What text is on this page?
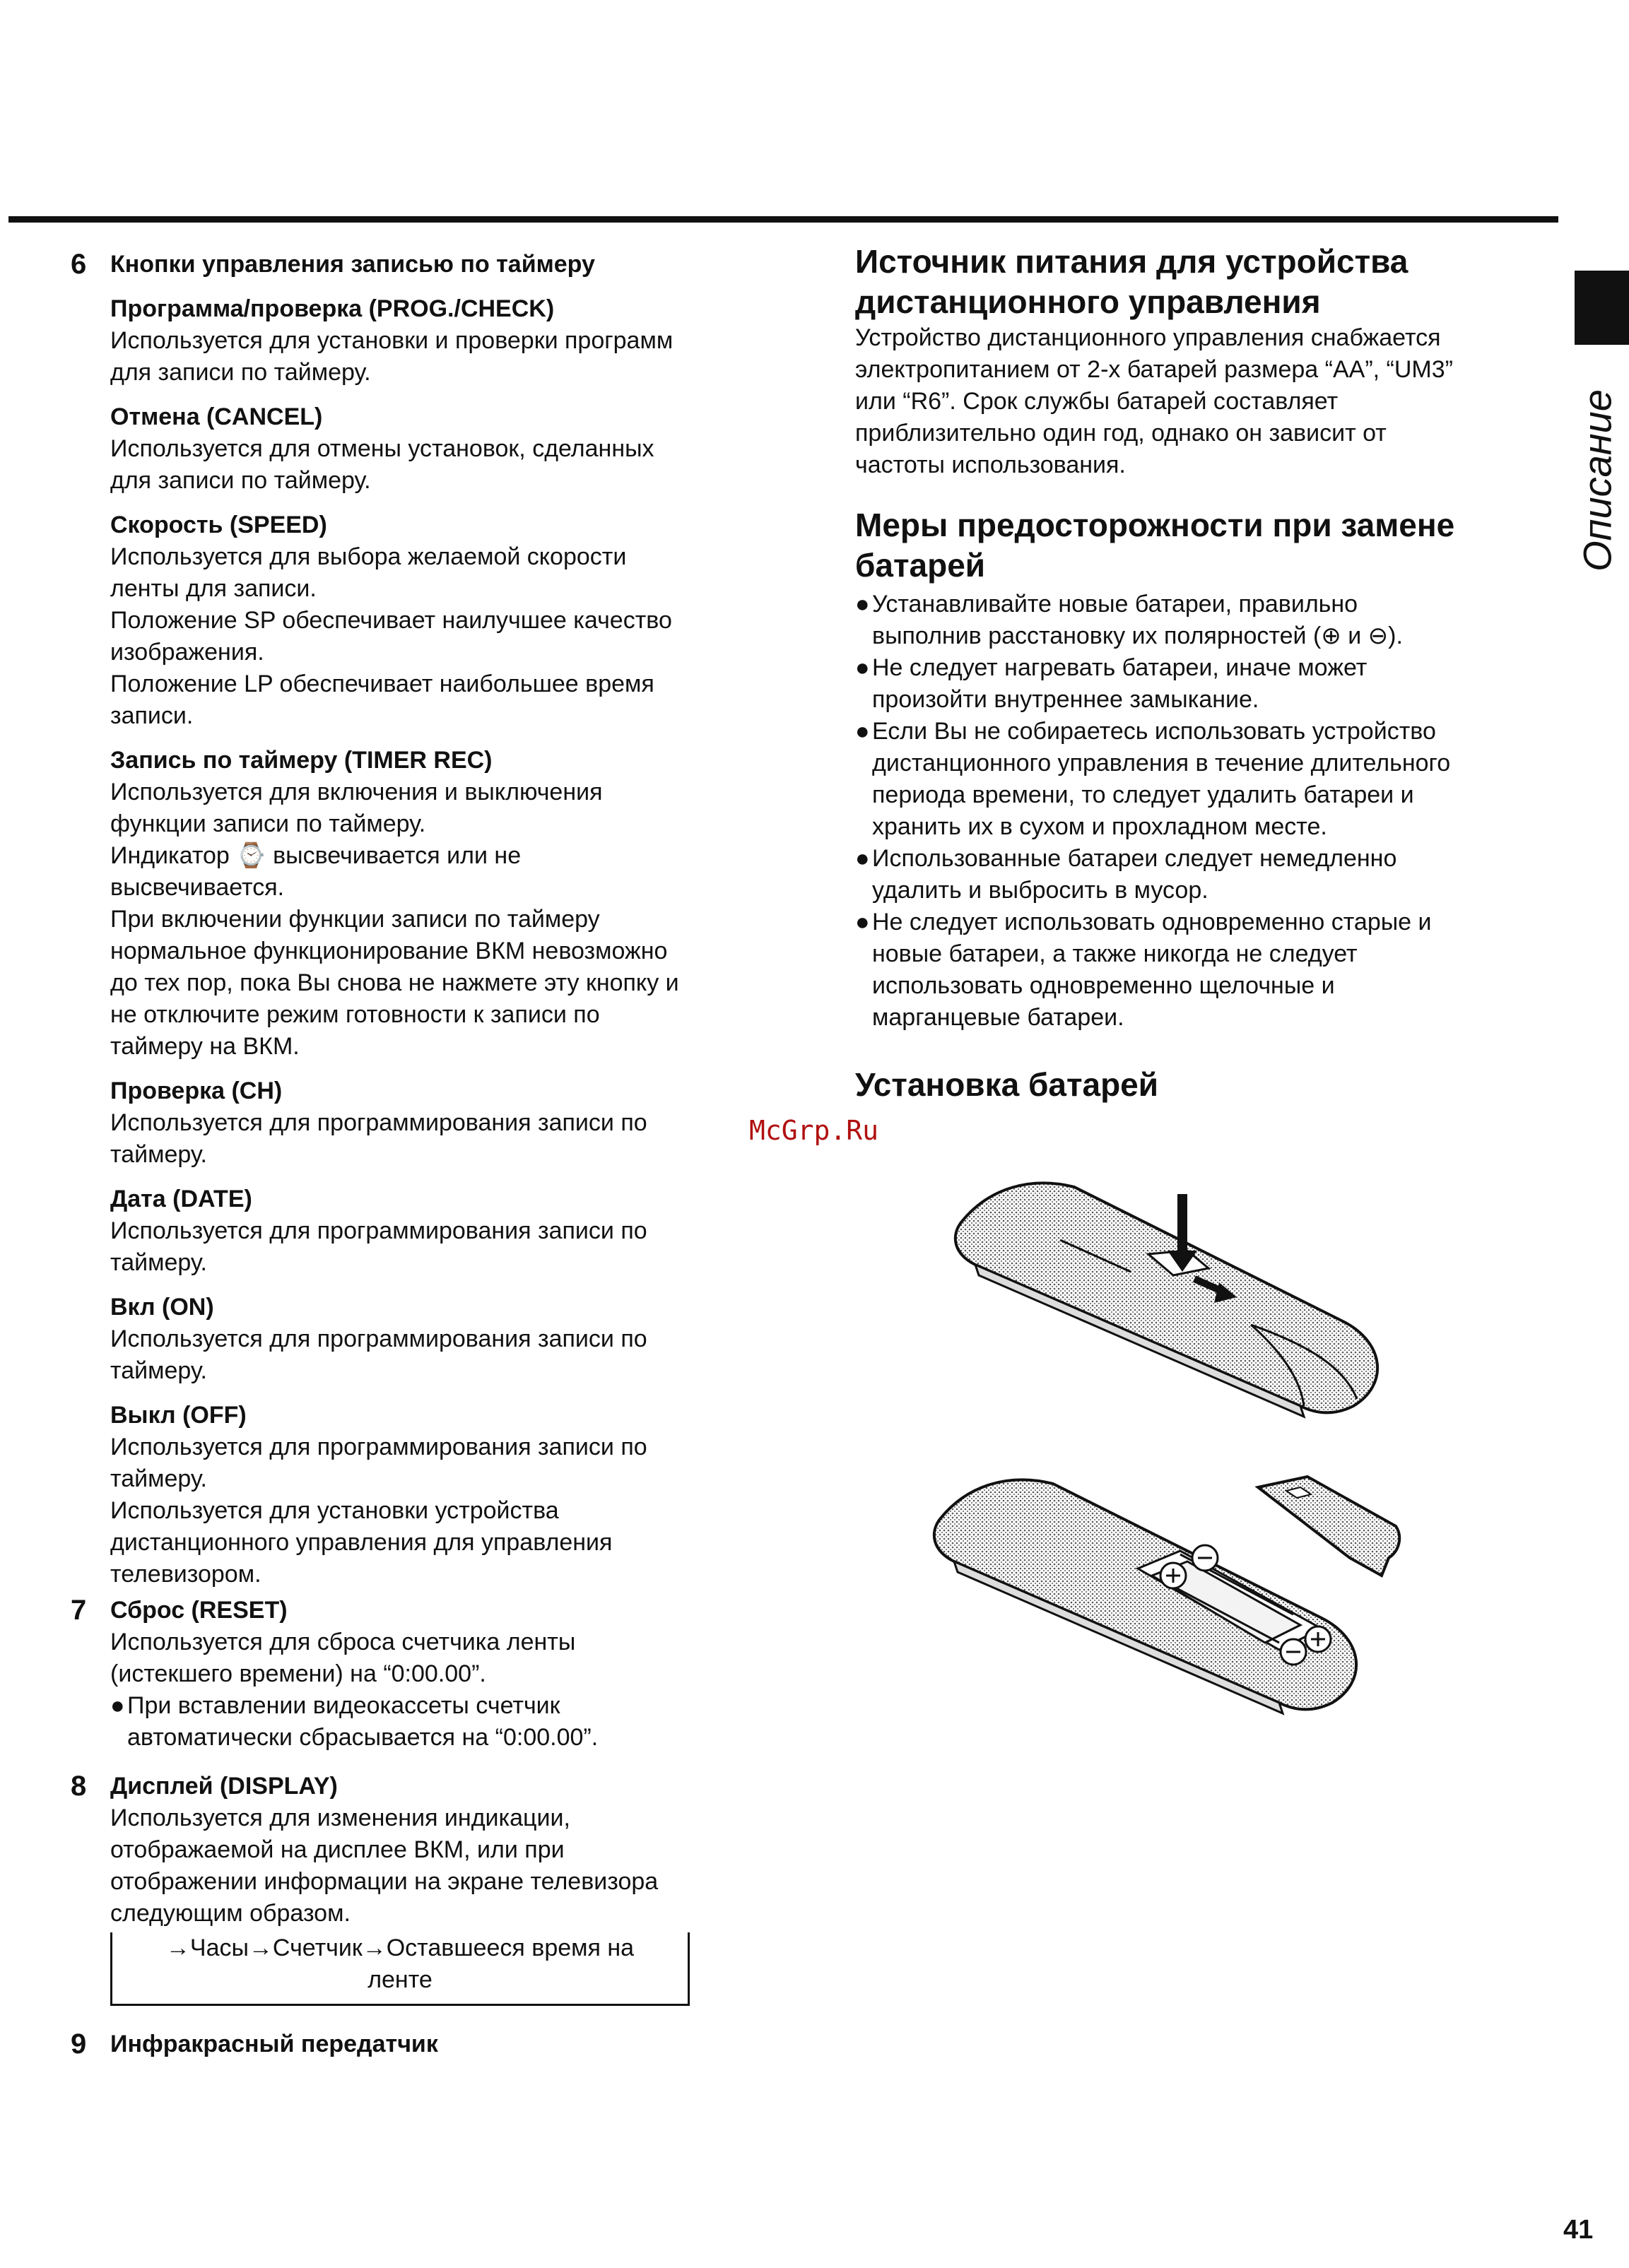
Описание
6 Кнопки управления записью по таймеру

Программа/проверка (PROG./CHECK)

Используется для установки и проверки программ

для записи по таймеру.

Отмена (CANCEL)

Используется для отмены установок, сделанных

для записи по таймеру.

Скорость (SPEED)

Используется для выбора желаемой скорости

ленты для записи.

Положение SP обеспечивает наилучшее качество

изображения.

Положение LP обеспечивает наибольшее время

записи.

Запись по таймеру (TIMER REC)

Используется для включения и выключения

функции записи по таймеру.

Индикатор ⌚ высвечивается или не

высвечивается.

При включении функции записи по таймеру

нормальное функционирование ВКМ невозможно

до тех пор, пока Вы снова не нажмете эту кнопку и

не отключите режим готовности к записи по

таймеру на ВКМ.

Проверка (CH)

Используется для программирования записи по

таймеру.

Дата (DATE)

Используется для программирования записи по

таймеру.

Вкл (ON)

Используется для программирования записи по

таймеру.

Выкл (OFF)

Используется для программирования записи по

таймеру.

Используется для установки устройства

дистанционного управления для управления

телевизором.

7 Сброс (RESET)

Используется для сброса счетчика ленты

(истекшего времени) на “0:00.00”.

● При вставлении видеокассеты счетчик
автоматически сбрасывается на “0:00.00”.
8 Дисплей (DISPLAY)

Используется для изменения индикации,

отображаемой на дисплее ВКМ, или при

отображении информации на экране телевизора

следующим образом.

→Часы→Счетчик→Оставшееся время на
ленте
9 Инфракрасный передатчик

Источник питания для устройства
дистанционного управления

Устройство дистанционного управления снабжается

электропитанием от 2-х батарей размера “AA”, “UM3”

или “R6”. Срок службы батарей составляет

приблизительно один год, однако он зависит от

частоты использования.

Меры предосторожности при замене
батарей
● Устанавливайте новые батареи, правильно
выполнив расстановку их полярностей (⊕ и ⊖).
● Не следует нагревать батареи, иначе может
произойти внутреннее замыкание.
● Если Вы не собираетесь использовать устройство
дистанционного управления в течение длительного
периода времени, то следует удалить батареи и
хранить их в сухом и прохладном месте.
● Использованные батареи следует немедленно
удалить и выбросить в мусор.
● Не следует использовать одновременно старые и
новые батареи, а также никогда не следует
использовать одновременно щелочные и
марганцевые батареи.
Установка батарей
McGrp.Ru
41
